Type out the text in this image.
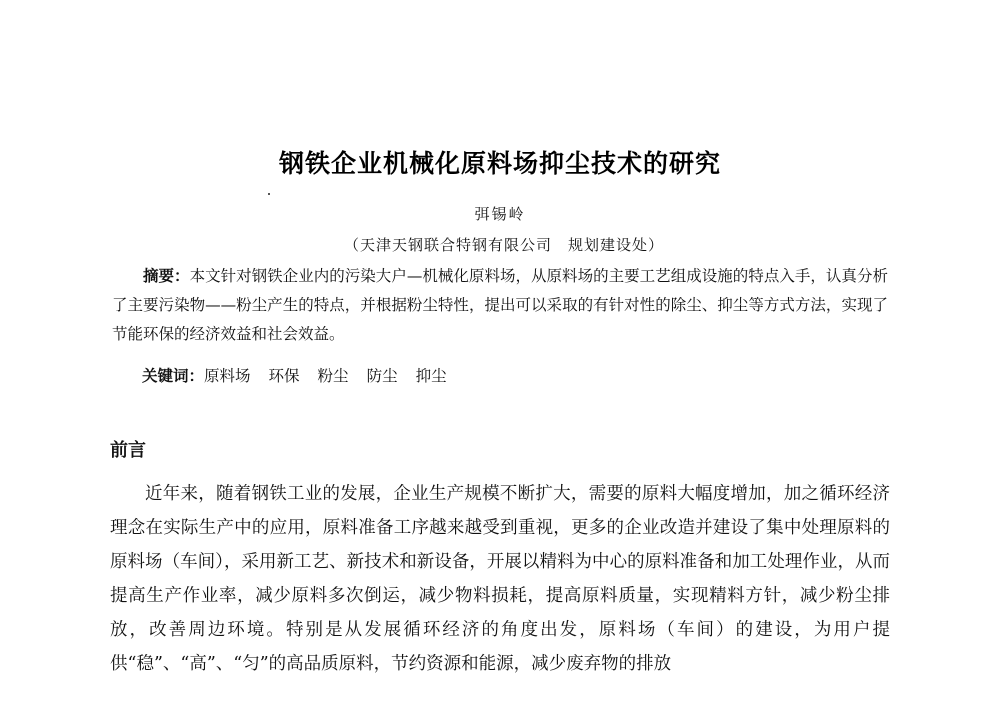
钢铁企业机械化原料场抑尘技术的研究
弭锡岭
（天津天钢联合特钢有限公司　规划建设处）

摘要：本文针对钢铁企业内的污染大户—机械化原料场，从原料场的主要工艺组成设施的特点入手，认真分析了主要污染物——粉尘产生的特点，并根据粉尘特性，提出可以采取的有针对性的除尘、抑尘等方式方法，实现了节能环保的经济效益和社会效益。

关键词：原料场 环保 粉尘 防尘 抑尘
前言

近年来，随着钢铁工业的发展，企业生产规模不断扩大，需要的原料大幅度增加，加之循环经济理念在实际生产中的应用，原料准备工序越来越受到重视，更多的企业改造并建设了集中处理原料的原料场（车间），采用新工艺、新技术和新设备，开展以精料为中心的原料准备和加工处理作业，从而提高生产作业率，减少原料多次倒运，减少物料损耗，提高原料质量，实现精料方针，减少粉尘排放，改善周边环境。特别是从发展循环经济的角度出发，原料场（车间）的建设，为用户提供“稳”、“高”、“匀”的高品质原料，节约资源和能源，减少废弃物的排放
